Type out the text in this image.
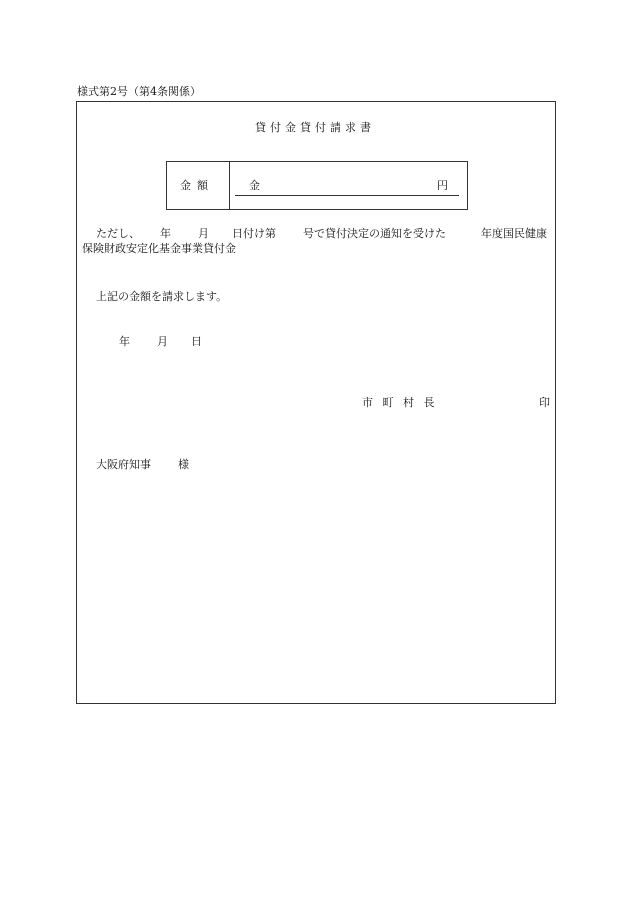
様式第2号（第4条関係）
貸付金貸付請求書
金額	金	円
ただし、 年 月 日付け第 号で貸付決定の通知を受けた	年度国民健康
保険財政安定化基金事業貸付金
上記の金額を請求します。
年 月 日
市 町 村 長	印
大阪府知事 様
